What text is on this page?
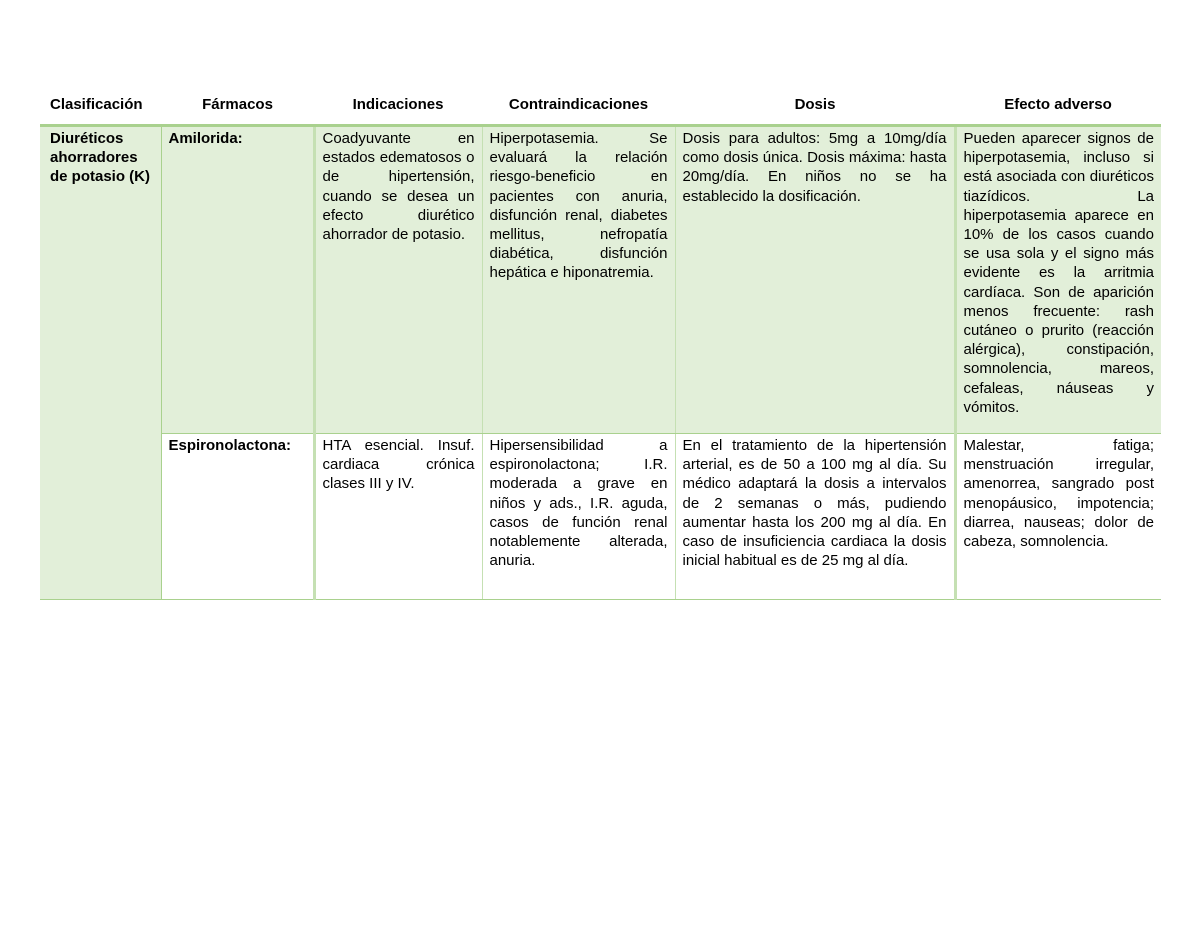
Clasificación	Fármacos	Indicaciones	Contraindicaciones	Dosis	Efecto adverso
Diuréticos ahorradores de potasio (K)	Amilorida:	Coadyuvante en estados edematosos o de hipertensión, cuando se desea un efecto diurético ahorrador de potasio.	Hiperpotasemia. Se evaluará la relación riesgo-beneficio en pacientes con anuria, disfunción renal, diabetes mellitus, nefropatía diabética, disfunción hepática e hiponatremia.	Dosis para adultos: 5mg a 10mg/día como dosis única. Dosis máxima: hasta 20mg/día. En niños no se ha establecido la dosificación.	Pueden aparecer signos de hiperpotasemia, incluso si está asociada con diuréticos tiazídicos. La hiperpotasemia aparece en 10% de los casos cuando se usa sola y el signo más evidente es la arritmia cardíaca. Son de aparición menos frecuente: rash cutáneo o prurito (reacción alérgica), constipación, somnolencia, mareos, cefaleas, náuseas y vómitos.
	Espironolactona:	HTA esencial. Insuf. cardiaca crónica clases III y IV.	Hipersensibilidad a espironolactona; I.R. moderada a grave en niños y ads., I.R. aguda, casos de función renal notablemente alterada, anuria.	En el tratamiento de la hipertensión arterial, es de 50 a 100 mg al día. Su médico adaptará la dosis a intervalos de 2 semanas o más, pudiendo aumentar hasta los 200 mg al día. En caso de insuficiencia cardiaca la dosis inicial habitual es de 25 mg al día.	Malestar, fatiga; menstruación irregular, amenorrea, sangrado post menopáusico, impotencia; diarrea, nauseas; dolor de cabeza, somnolencia.
